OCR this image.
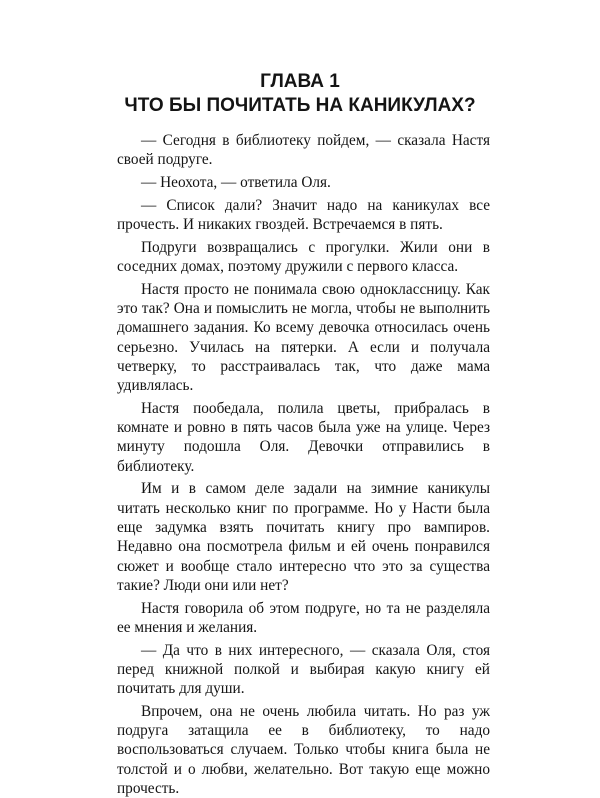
ГЛАВА 1
ЧТО БЫ ПОЧИТАТЬ НА КАНИКУЛАХ?

— Сегодня в библиотеку пойдем, — сказала Настя своей подруге.

— Неохота, — ответила Оля.

— Список дали? Значит надо на каникулах все прочесть. И никаких гвоздей. Встречаемся в пять.

Подруги возвращались с прогулки. Жили они в соседних домах, поэтому дружили с первого класса.

Настя просто не понимала свою одноклассницу. Как это так? Она и помыслить не могла, чтобы не выполнить домашнего задания. Ко всему девочка относилась очень серьезно. Училась на пятерки. А если и получала четверку, то расстраивалась так, что даже мама удивлялась.

Настя пообедала, полила цветы, прибралась в комнате и ровно в пять часов была уже на улице. Через минуту подошла Оля. Девочки отправились в библиотеку.

Им и в самом деле задали на зимние каникулы читать несколько книг по программе. Но у Насти была еще задумка взять почитать книгу про вампиров. Недавно она посмотрела фильм и ей очень понравился сюжет и вообще стало интересно что это за существа такие? Люди они или нет?

Настя говорила об этом подруге, но та не разделяла ее мнения и желания.

— Да что в них интересного, — сказала Оля, стоя перед книжной полкой и выбирая какую книгу ей почитать для души.

Впрочем, она не очень любила читать. Но раз уж подруга затащила ее в библиотеку, то надо воспользоваться случаем. Только чтобы книга была не толстой и о любви, желательно. Вот такую еще можно прочесть.
